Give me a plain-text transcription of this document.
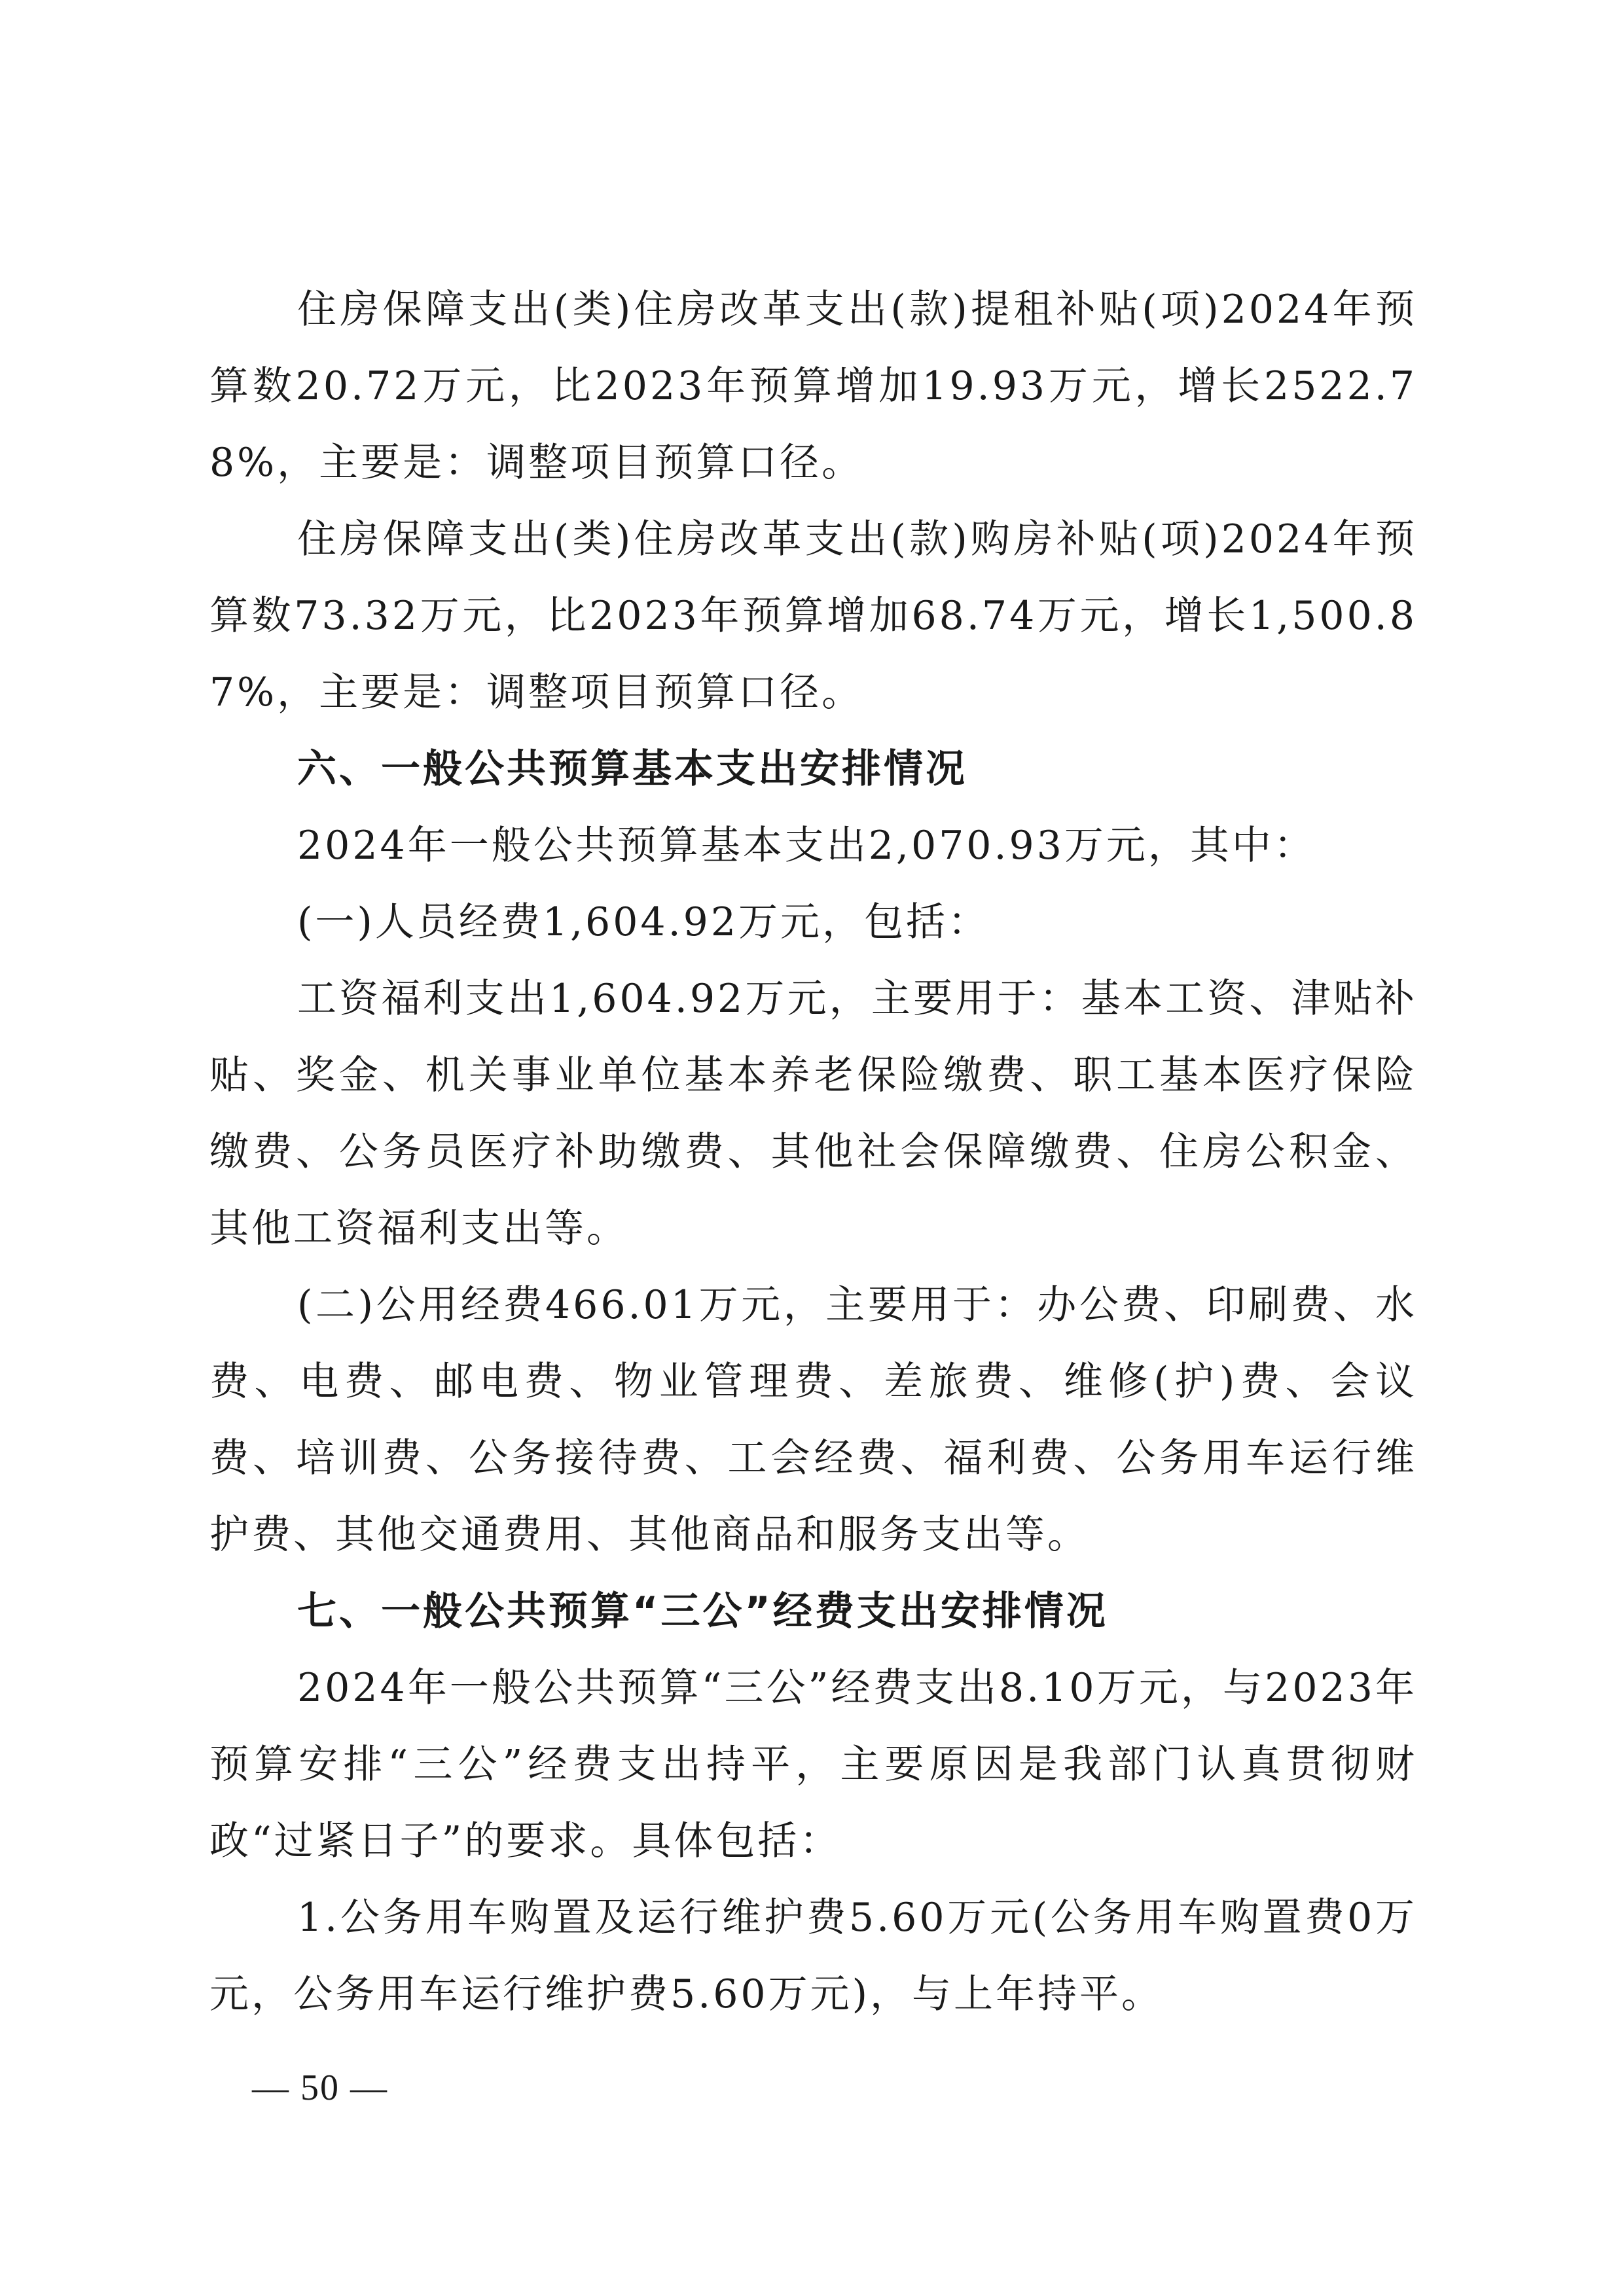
住房保障支出(类)住房改革支出(款)提租补贴(项)2024年预算数20.72万元，比2023年预算增加19.93万元，增长2522.78%，主要是：调整项目预算口径。

住房保障支出(类)住房改革支出(款)购房补贴(项)2024年预算数73.32万元，比2023年预算增加68.74万元，增长1,500.87%，主要是：调整项目预算口径。

六、一般公共预算基本支出安排情况

2024年一般公共预算基本支出2,070.93万元，其中：

(一)人员经费1,604.92万元，包括：

工资福利支出1,604.92万元，主要用于：基本工资、津贴补贴、奖金、机关事业单位基本养老保险缴费、职工基本医疗保险缴费、公务员医疗补助缴费、其他社会保障缴费、住房公积金、其他工资福利支出等。

(二)公用经费466.01万元，主要用于：办公费、印刷费、水费、电费、邮电费、物业管理费、差旅费、维修(护)费、会议费、培训费、公务接待费、工会经费、福利费、公务用车运行维护费、其他交通费用、其他商品和服务支出等。

七、一般公共预算“三公”经费支出安排情况

2024年一般公共预算“三公”经费支出8.10万元，与2023年预算安排“三公”经费支出持平，主要原因是我部门认真贯彻财政“过紧日子”的要求。具体包括：

1.公务用车购置及运行维护费5.60万元(公务用车购置费0万元，公务用车运行维护费5.60万元)，与上年持平。

— 50 —
